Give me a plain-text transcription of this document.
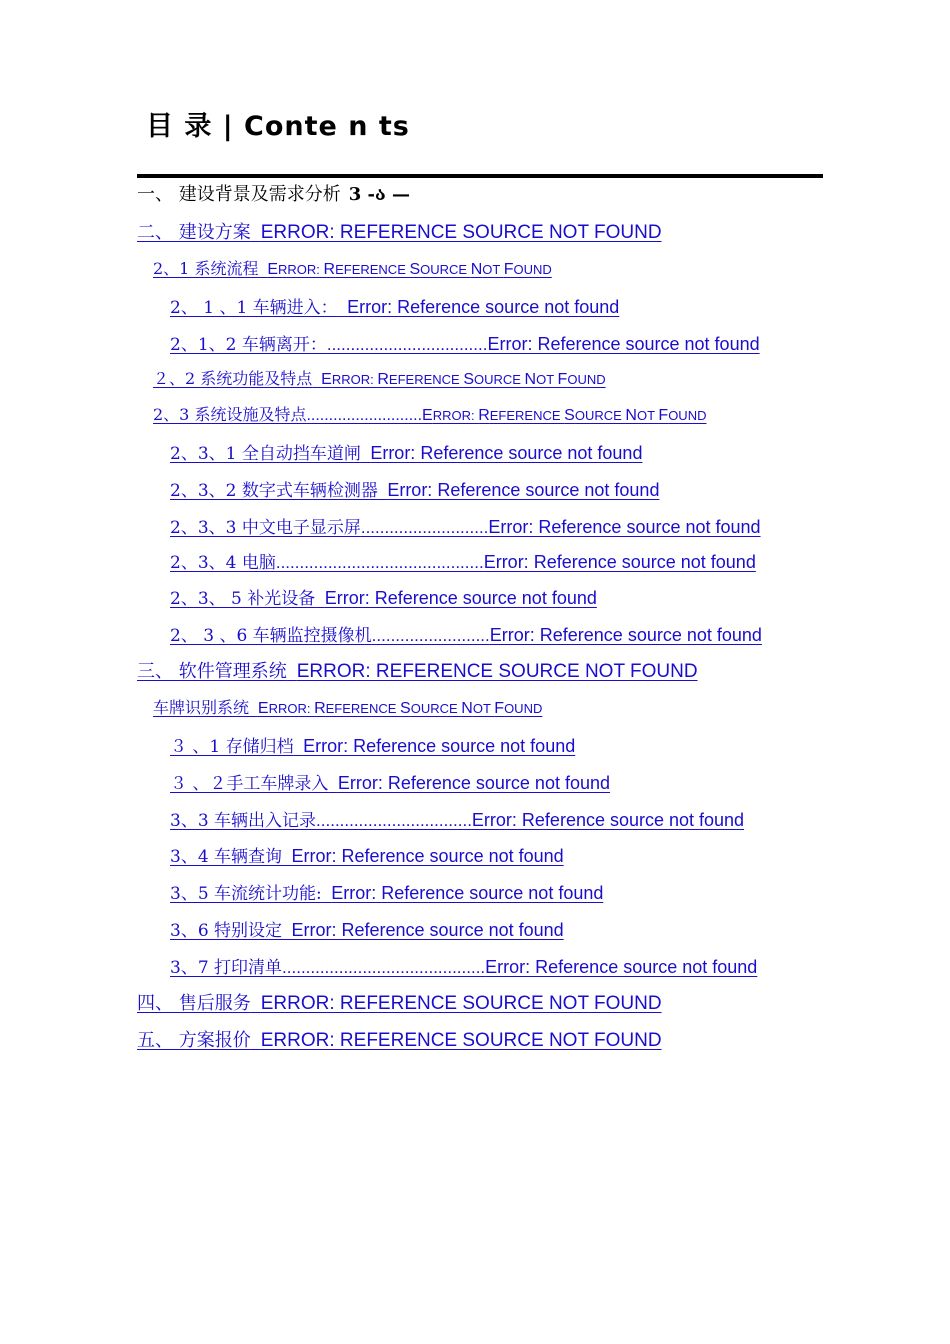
目 录 | Conte n ts
一、 建设背景及需求分析 3 -ა —
二、 建设方案
ERROR: REFERENCE SOURCE NOT FOUND
2、1 系统流程
ERROR: REFERENCE SOURCE NOT FOUND
2、 1 、1 车辆进入：
Error: Reference source not found
2、1、2 车辆离开： .................................. Error: Reference source not found
２、2 系统功能及特点
ERROR: REFERENCE SOURCE NOT FOUND
2、3 系统设施及特点 .......................... ERROR: REFERENCE SOURCE NOT FOUND
2、3、1 全自动挡车道闸
Error: Reference source not found
2、3、2 数字式车辆检测器
Error: Reference source not found
2、3、3 中文电子显示屏 ........................... Error: Reference source not found
2、3、4 电脑 ............................................ Error: Reference source not found
2、3、 5 补光设备
Error: Reference source not found
2、 3 、6 车辆监控摄像机 ......................... Error: Reference source not found
三、 软件管理系统
ERROR: REFERENCE SOURCE NOT FOUND
车牌识别系统
ERROR: REFERENCE SOURCE NOT FOUND
３ 、1 存储归档
Error: Reference source not found
３ 、２手工车牌录入
Error: Reference source not found
3、3 车辆出入记录 ................................. Error: Reference source not found
3、4 车辆查询
Error: Reference source not found
3、5 车流统计功能:
Error: Reference source not found
3、6 特别设定
Error: Reference source not found
3、7 打印清单 ........................................... Error: Reference source not found
四、 售后服务
ERROR: REFERENCE SOURCE NOT FOUND
五、 方案报价
ERROR: REFERENCE SOURCE NOT FOUND
